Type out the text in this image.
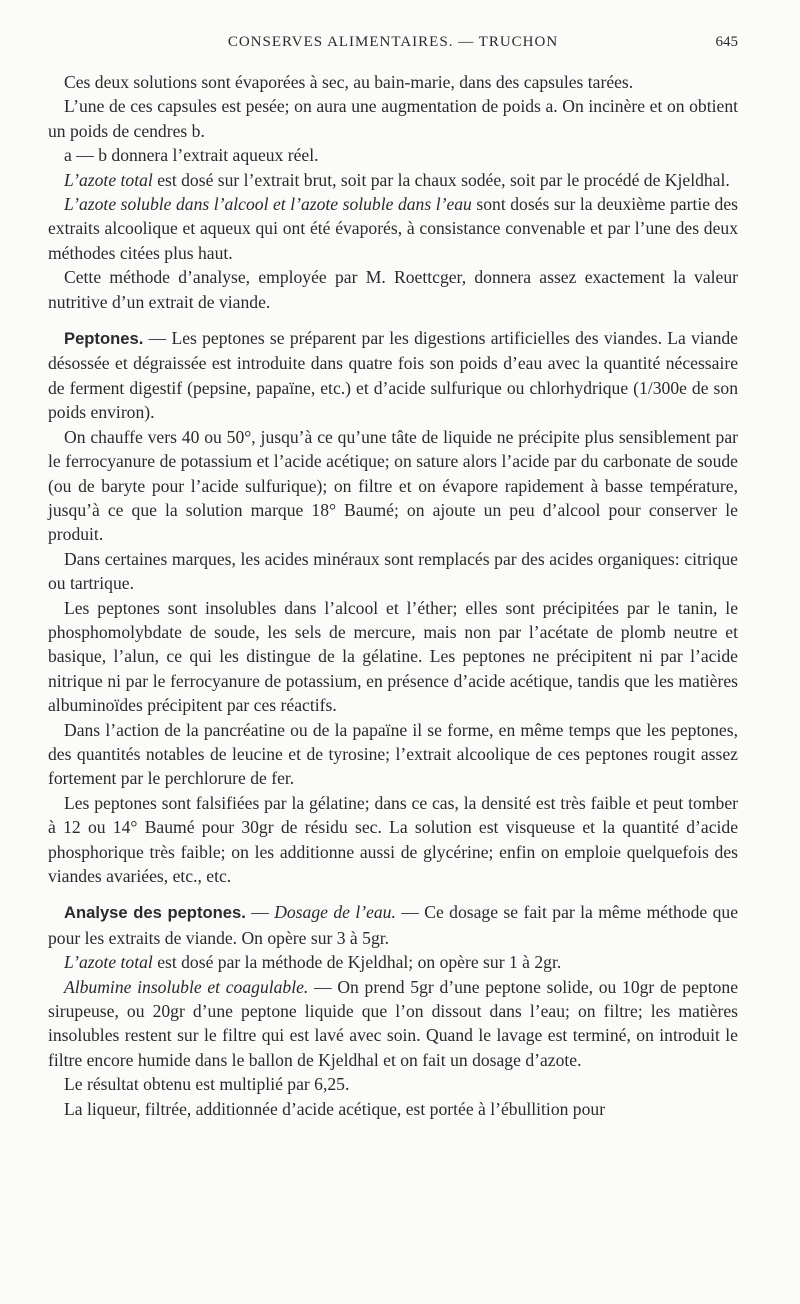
CONSERVES ALIMENTAIRES. — TRUCHON	645

Ces deux solutions sont évaporées à sec, au bain-marie, dans des capsules tarées.

L’une de ces capsules est pesée; on aura une augmentation de poids a. On incinère et on obtient un poids de cendres b.

a — b donnera l’extrait aqueux réel.

L’azote total est dosé sur l’extrait brut, soit par la chaux sodée, soit par le procédé de Kjeldhal.

L’azote soluble dans l’alcool et l’azote soluble dans l’eau sont dosés sur la deuxième partie des extraits alcoolique et aqueux qui ont été évaporés, à consistance convenable et par l’une des deux méthodes citées plus haut.

Cette méthode d’analyse, employée par M. Roettcger, donnera assez exactement la valeur nutritive d’un extrait de viande.

Peptones. — Les peptones se préparent par les digestions artificielles des viandes. La viande désossée et dégraissée est introduite dans quatre fois son poids d’eau avec la quantité nécessaire de ferment digestif (pepsine, papaïne, etc.) et d’acide sulfurique ou chlorhydrique (1/300e de son poids environ).

On chauffe vers 40 ou 50°, jusqu’à ce qu’une tâte de liquide ne précipite plus sensiblement par le ferrocyanure de potassium et l’acide acétique; on sature alors l’acide par du carbonate de soude (ou de baryte pour l’acide sulfurique); on filtre et on évapore rapidement à basse température, jusqu’à ce que la solution marque 18° Baumé; on ajoute un peu d’alcool pour conserver le produit.

Dans certaines marques, les acides minéraux sont remplacés par des acides organiques: citrique ou tartrique.

Les peptones sont insolubles dans l’alcool et l’éther; elles sont précipitées par le tanin, le phosphomolybdate de soude, les sels de mercure, mais non par l’acétate de plomb neutre et basique, l’alun, ce qui les distingue de la gélatine. Les peptones ne précipitent ni par l’acide nitrique ni par le ferrocyanure de potassium, en présence d’acide acétique, tandis que les matières albuminoïdes précipitent par ces réactifs.

Dans l’action de la pancréatine ou de la papaïne il se forme, en même temps que les peptones, des quantités notables de leucine et de tyrosine; l’extrait alcoolique de ces peptones rougit assez fortement par le perchlorure de fer.

Les peptones sont falsifiées par la gélatine; dans ce cas, la densité est très faible et peut tomber à 12 ou 14° Baumé pour 30gr de résidu sec. La solution est visqueuse et la quantité d’acide phosphorique très faible; on les additionne aussi de glycérine; enfin on emploie quelquefois des viandes avariées, etc., etc.

Analyse des peptones. — Dosage de l’eau. — Ce dosage se fait par la même méthode que pour les extraits de viande. On opère sur 3 à 5gr.

L’azote total est dosé par la méthode de Kjeldhal; on opère sur 1 à 2gr.

Albumine insoluble et coagulable. — On prend 5gr d’une peptone solide, ou 10gr de peptone sirupeuse, ou 20gr d’une peptone liquide que l’on dissout dans l’eau; on filtre; les matières insolubles restent sur le filtre qui est lavé avec soin. Quand le lavage est terminé, on introduit le filtre encore humide dans le ballon de Kjeldhal et on fait un dosage d’azote.

Le résultat obtenu est multiplié par 6,25.

La liqueur, filtrée, additionnée d’acide acétique, est portée à l’ébullition pour
